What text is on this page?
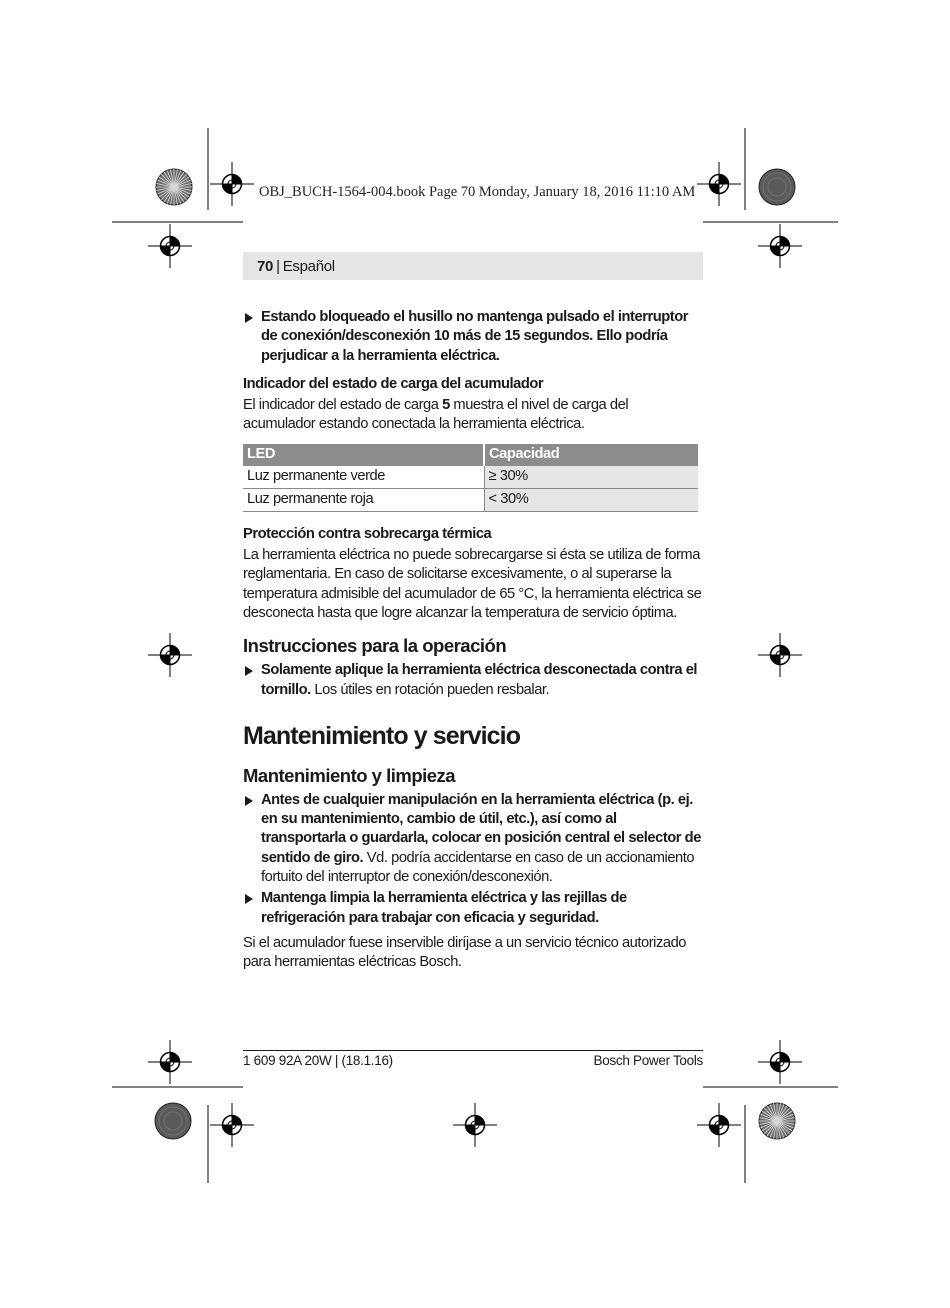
OBJ_BUCH-1564-004.book Page 70 Monday, January 18, 2016 11:10 AM
70 | Español

Estando bloqueado el husillo no mantenga pulsado el interruptor de conexión/desconexión 10 más de 15 segundos. Ello podría perjudicar a la herramienta eléctrica.

Indicador del estado de carga del acumulador

El indicador del estado de carga 5 muestra el nivel de carga del acumulador estando conectada la herramienta eléctrica.

LED	Capacidad
Luz permanente verde	≥ 30%
Luz permanente roja	< 30%

Protección contra sobrecarga térmica

La herramienta eléctrica no puede sobrecargarse si ésta se utiliza de forma reglamentaria. En caso de solicitarse excesivamente, o al superarse la temperatura admisible del acumulador de 65 °C, la herramienta eléctrica se desconecta hasta que logre alcanzar la temperatura de servicio óptima.

Instrucciones para la operación

Solamente aplique la herramienta eléctrica desconectada contra el tornillo. Los útiles en rotación pueden resbalar.

Mantenimiento y servicio

Mantenimiento y limpieza

Antes de cualquier manipulación en la herramienta eléctrica (p. ej. en su mantenimiento, cambio de útil, etc.), así como al transportarla o guardarla, colocar en posición central el selector de sentido de giro. Vd. podría accidentarse en caso de un accionamiento fortuito del interruptor de conexión/desconexión.

Mantenga limpia la herramienta eléctrica y las rejillas de refrigeración para trabajar con eficacia y seguridad.

Si el acumulador fuese inservible diríjase a un servicio técnico autorizado para herramientas eléctricas Bosch.

1 609 92A 20W | (18.1.16)	Bosch Power Tools
